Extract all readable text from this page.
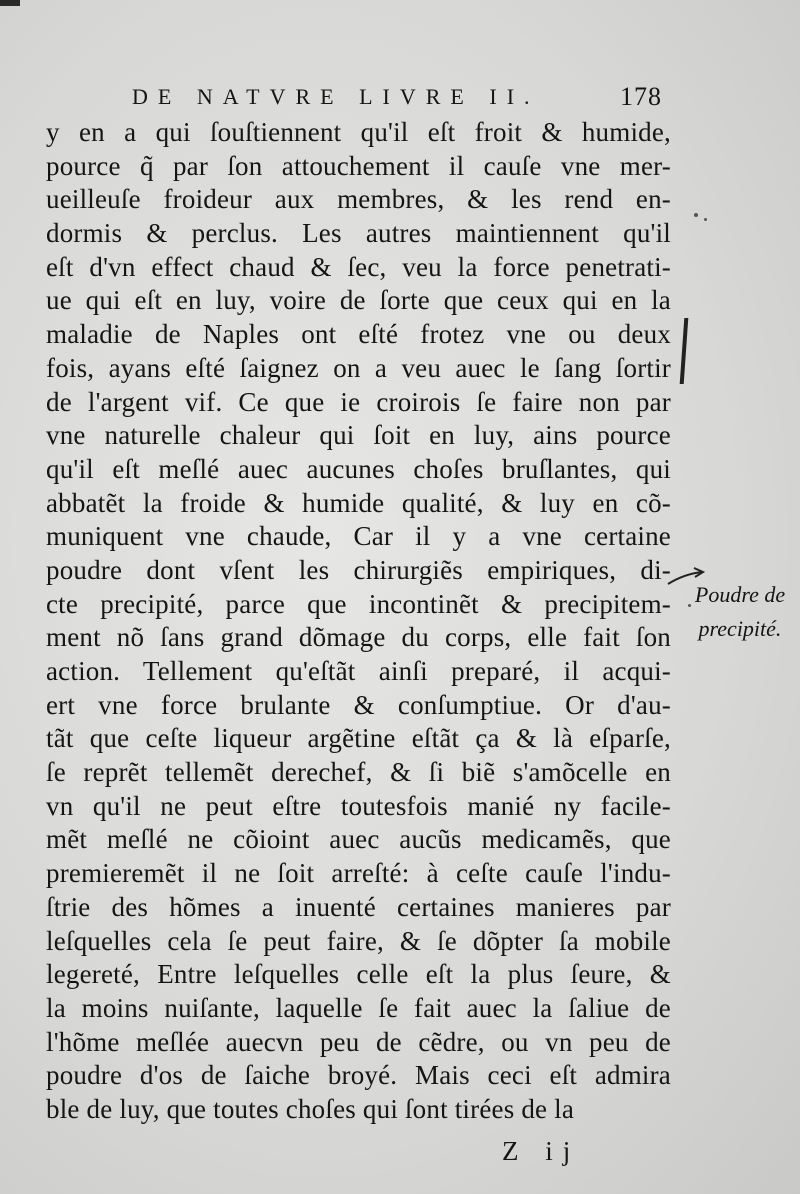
DE NATVRE LIVRE II.	178
y en a qui ſouſtiennent qu'il eſt froit & humide,
pource q̃ par ſon attouchement il cauſe vne mer-
ueilleuſe froideur aux membres, & les rend en-
dormis & perclus. Les autres maintiennent qu'il
eſt d'vn effect chaud & ſec, veu la force penetrati-
ue qui eſt en luy, voire de ſorte que ceux qui en la
maladie de Naples ont eſté frotez vne ou deux
fois, ayans eſté ſaignez on a veu auec le ſang ſortir
de l'argent vif. Ce que ie croirois ſe faire non par
vne naturelle chaleur qui ſoit en luy, ains pource
qu'il eſt meſlé auec aucunes choſes bruſlantes, qui
abbatẽt la froide & humide qualité, & luy en cõ-
muniquent vne chaude, Car il y a vne certaine
poudre dont vſent les chirurgiẽs empiriques, di-
cte precipité, parce que incontinẽt & precipitem-
ment nõ ſans grand dõmage du corps, elle fait ſon
action. Tellement qu'eſtãt ainſi preparé, il acqui-
ert vne force brulante & conſumptiue. Or d'au-
tãt que ceſte liqueur argẽtine eſtãt ça & là eſparſe,
ſe reprẽt tellemẽt derechef, & ſi biẽ s'amõcelle en
vn qu'il ne peut eſtre toutesfois manié ny facile-
mẽt meſlé ne cõioint auec aucũs medicamẽs, que
premieremẽt il ne ſoit arreſté: à ceſte cauſe l'indu-
ſtrie des hõmes a inuenté certaines manieres par
leſquelles cela ſe peut faire, & ſe dõpter ſa mobile
legereté, Entre leſquelles celle eſt la plus ſeure, &
la moins nuiſante, laquelle ſe fait auec la ſaliue de
l'hõme meſlée auecvn peu de cẽdre, ou vn peu de
poudre d'os de ſaiche broyé. Mais ceci eſt admira
ble de luy, que toutes choſes qui ſont tirées de la
Poudre de
precipité.
Z ij
